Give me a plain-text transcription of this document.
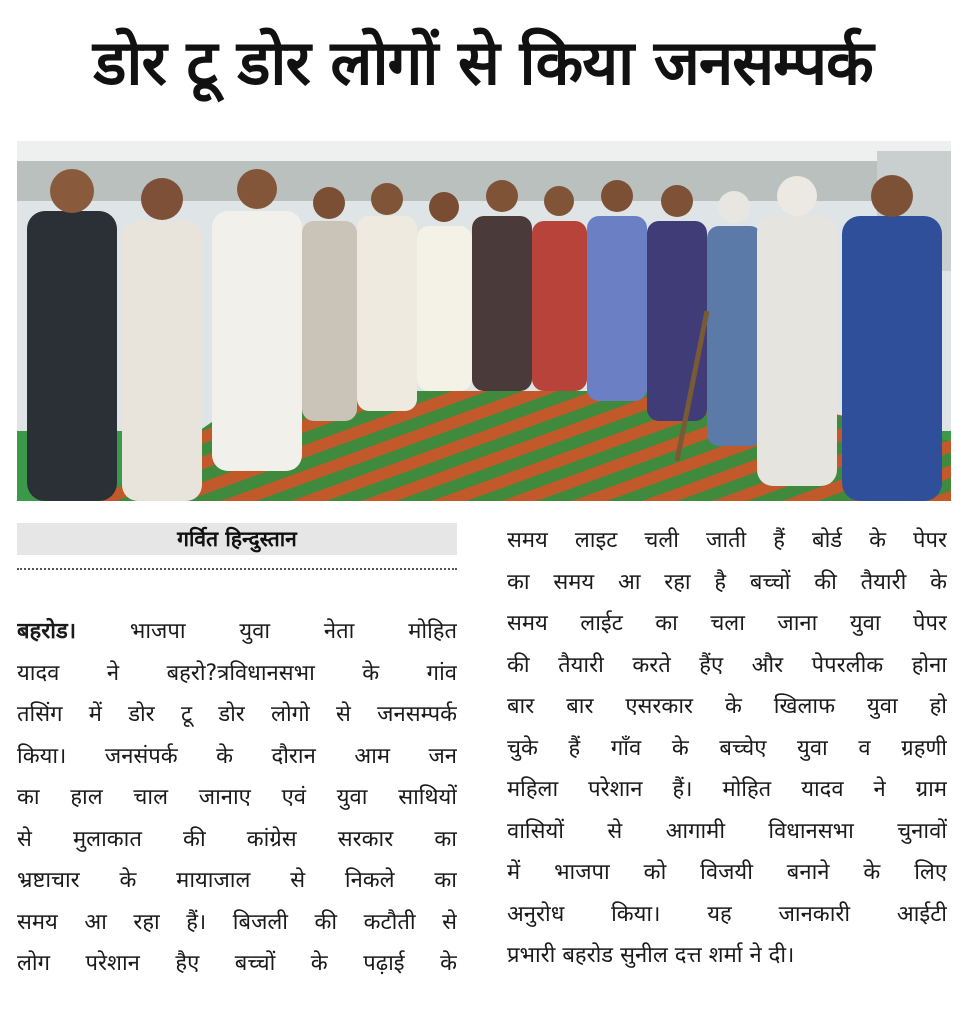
डोर टू डोर लोगों से किया जनसम्पर्क
गर्वित हिन्दुस्तान
बहरोड। भाजपा युवा नेता मोहित
यादव ने बहरो?त्रविधानसभा के गांव
तसिंग में डोर टू डोर लोगो से जनसम्पर्क
किया। जनसंपर्क के दौरान आम जन
का हाल चाल जानाए एवं युवा साथियों
से मुलाकात की कांग्रेस सरकार का
भ्रष्टाचार के मायाजाल से निकले का
समय आ रहा हैं। बिजली की कटौती से
लोग परेशान हैए बच्चों के पढ़ाई के
समय लाइट चली जाती हैं बोर्ड के पेपर
का समय आ रहा है बच्चों की तैयारी के
समय लाईट का चला जाना युवा पेपर
की तैयारी करते हैंए और पेपरलीक होना
बार बार एसरकार के खिलाफ युवा हो
चुके हैं गाँव के बच्चेए युवा व ग्रहणी
महिला परेशान हैं। मोहित यादव ने ग्राम
वासियों से आगामी विधानसभा चुनावों
में भाजपा को विजयी बनाने के लिए
अनुरोध किया। यह जानकारी आईटी
प्रभारी बहरोड सुनील दत्त शर्मा ने दी।
